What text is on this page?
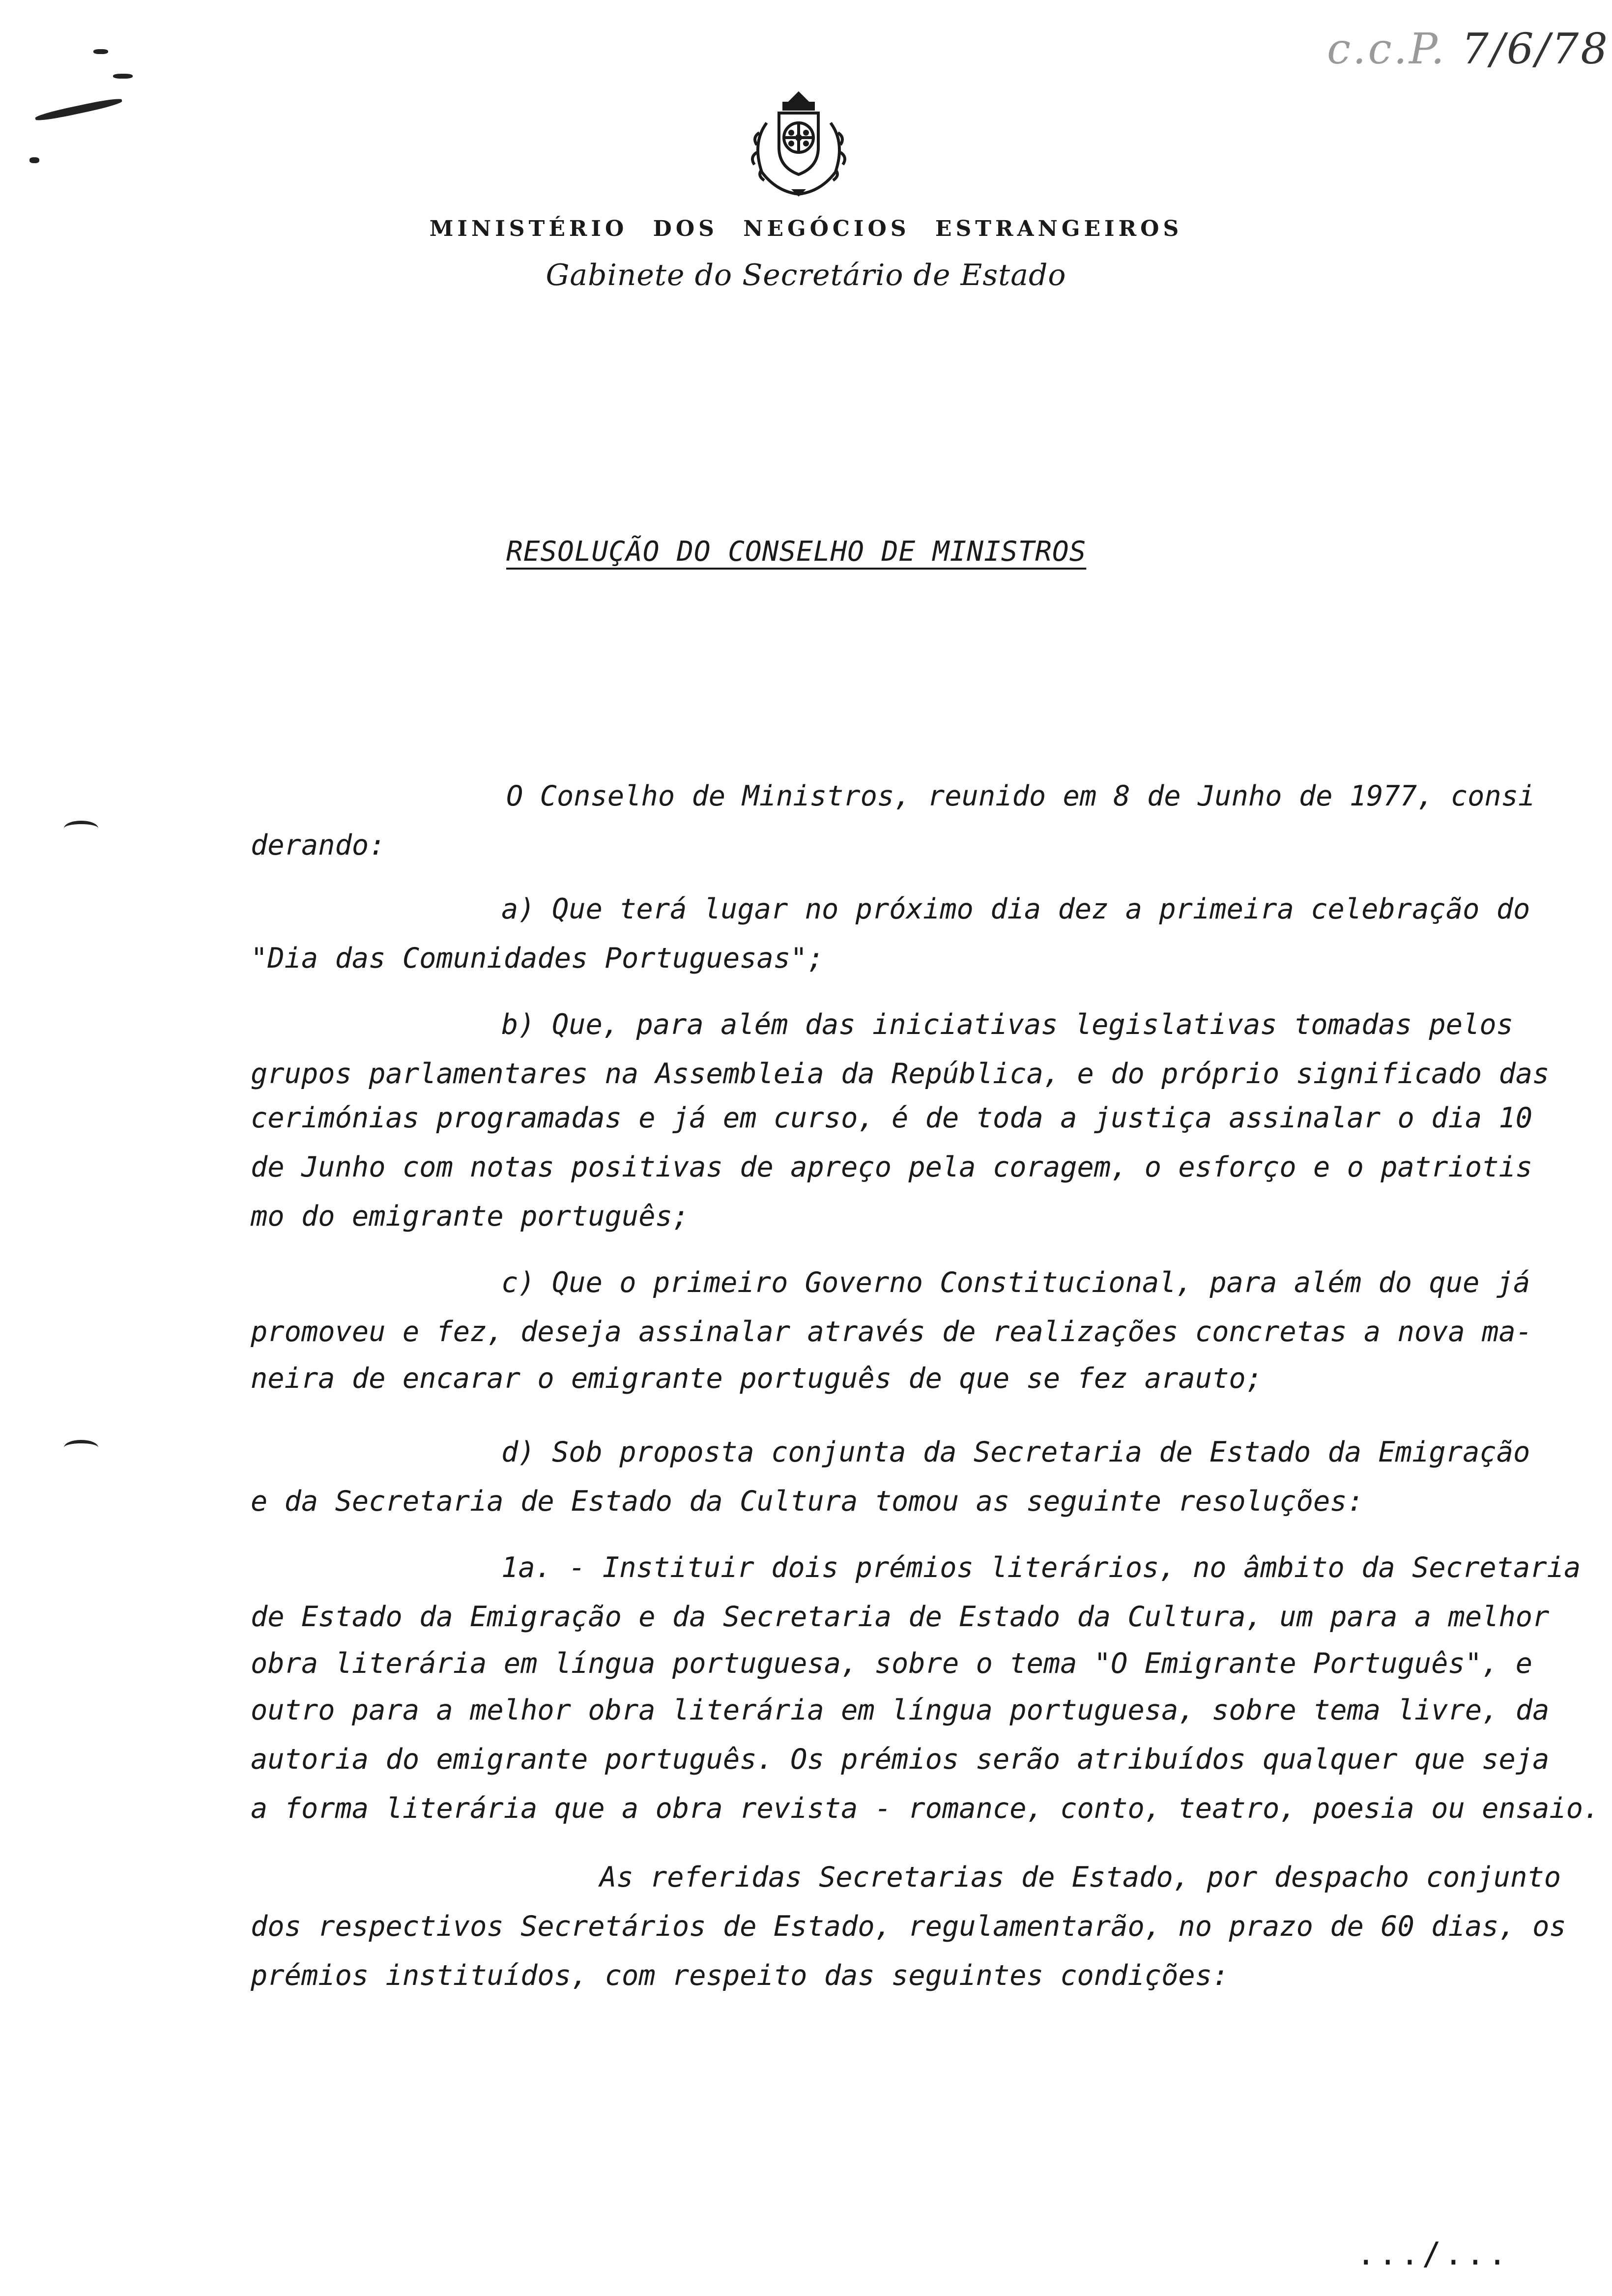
c.c.P. 7/6/78
MINISTÉRIO DOS NEGÓCIOS ESTRANGEIROS
Gabinete do Secretário de Estado
RESOLUÇÃO DO CONSELHO DE MINISTROS
O Conselho de Ministros, reunido em 8 de Junho de 1977, consi
derando:
a) Que terá lugar no próximo dia dez a primeira celebração do
"Dia das Comunidades Portuguesas";
b) Que, para além das iniciativas legislativas tomadas pelos
grupos parlamentares na Assembleia da República, e do próprio significado das
cerimónias programadas e já em curso, é de toda a justiça assinalar o dia 10
de Junho com notas positivas de apreço pela coragem, o esforço e o patriotis
mo do emigrante português;
c) Que o primeiro Governo Constitucional, para além do que já
promoveu e fez, deseja assinalar através de realizações concretas a nova ma-
neira de encarar o emigrante português de que se fez arauto;
d) Sob proposta conjunta da Secretaria de Estado da Emigração
e da Secretaria de Estado da Cultura tomou as seguinte resoluções:
1a. - Instituir dois prémios literários, no âmbito da Secretaria
de Estado da Emigração e da Secretaria de Estado da Cultura, um para a melhor
obra literária em língua portuguesa, sobre o tema "O Emigrante Português", e
outro para a melhor obra literária em língua portuguesa, sobre tema livre, da
autoria do emigrante português. Os prémios serão atribuídos qualquer que seja
a forma literária que a obra revista - romance, conto, teatro, poesia ou ensaio.
As referidas Secretarias de Estado, por despacho conjunto
dos respectivos Secretários de Estado, regulamentarão, no prazo de 60 dias, os
prémios instituídos, com respeito das seguintes condições:
.../...
